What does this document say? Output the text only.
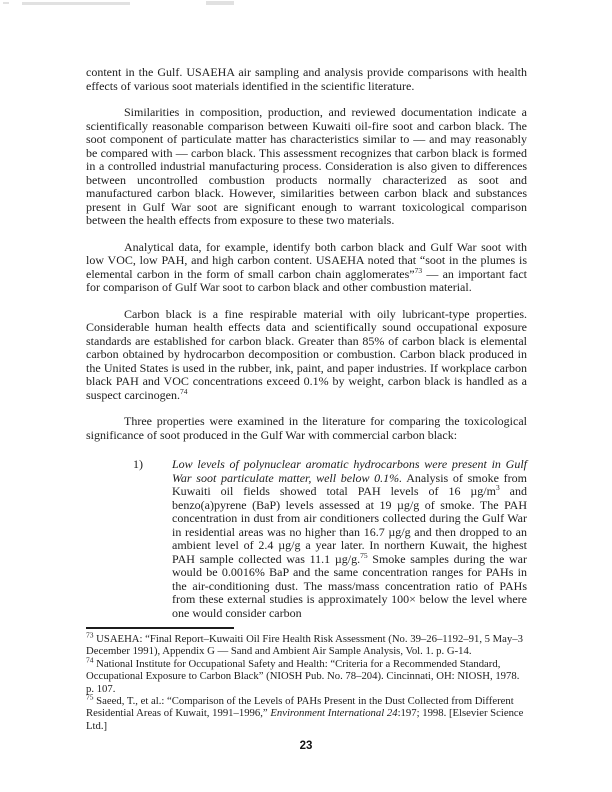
content in the Gulf. USAEHA air sampling and analysis provide comparisons with health effects of various soot materials identified in the scientific literature.

Similarities in composition, production, and reviewed documentation indicate a scientifically reasonable comparison between Kuwaiti oil-fire soot and carbon black. The soot component of particulate matter has characteristics similar to — and may reasonably be compared with — carbon black. This assessment recognizes that carbon black is formed in a controlled industrial manufacturing process. Consideration is also given to differences between uncontrolled combustion products normally characterized as soot and manufactured carbon black. However, similarities between carbon black and substances present in Gulf War soot are significant enough to warrant toxicological comparison between the health effects from exposure to these two materials.

Analytical data, for example, identify both carbon black and Gulf War soot with low VOC, low PAH, and high carbon content. USAEHA noted that “soot in the plumes is elemental carbon in the form of small carbon chain agglomerates”$^{73}$ — an important fact for comparison of Gulf War soot to carbon black and other combustion material.

Carbon black is a fine respirable material with oily lubricant-type properties. Considerable human health effects data and scientifically sound occupational exposure standards are established for carbon black. Greater than 85% of carbon black is elemental carbon obtained by hydrocarbon decomposition or combustion. Carbon black produced in the United States is used in the rubber, ink, paint, and paper industries. If workplace carbon black PAH and VOC concentrations exceed 0.1% by weight, carbon black is handled as a suspect carcinogen.$^{74}$

Three properties were examined in the literature for comparing the toxicological significance of soot produced in the Gulf War with commercial carbon black:

1) Low levels of polynuclear aromatic hydrocarbons were present in Gulf War soot particulate matter, well below 0.1%. Analysis of smoke from Kuwaiti oil fields showed total PAH levels of 16 $\mu g/m^3$ and benzo(a)pyrene (BaP) levels assessed at 19 µg/g of smoke. The PAH concentration in dust from air conditioners collected during the Gulf War in residential areas was no higher than 16.7 µg/g and then dropped to an ambient level of 2.4 µg/g a year later. In northern Kuwait, the highest PAH sample collected was 11.1 µg/g.$^{75}$ Smoke samples during the war would be 0.0016% BaP and the same concentration ranges for PAHs in the air-conditioning dust. The mass/mass concentration ratio of PAHs from these external studies is approximately 100× below the level where one would consider carbon

$^{73}$ USAEHA: “Final Report–Kuwaiti Oil Fire Health Risk Assessment (No. 39–26–1192–91, 5 May–3 December 1991), Appendix G — Sand and Ambient Air Sample Analysis, Vol. 1. p. G-14.

$^{74}$ National Institute for Occupational Safety and Health: “Criteria for a Recommended Standard, Occupational Exposure to Carbon Black” (NIOSH Pub. No. 78–204). Cincinnati, OH: NIOSH, 1978. p. 107.

$^{75}$ Saeed, T., et al.: “Comparison of the Levels of PAHs Present in the Dust Collected from Different Residential Areas of Kuwait, 1991–1996,” Environment International 24:197; 1998. [Elsevier Science Ltd.]

23
